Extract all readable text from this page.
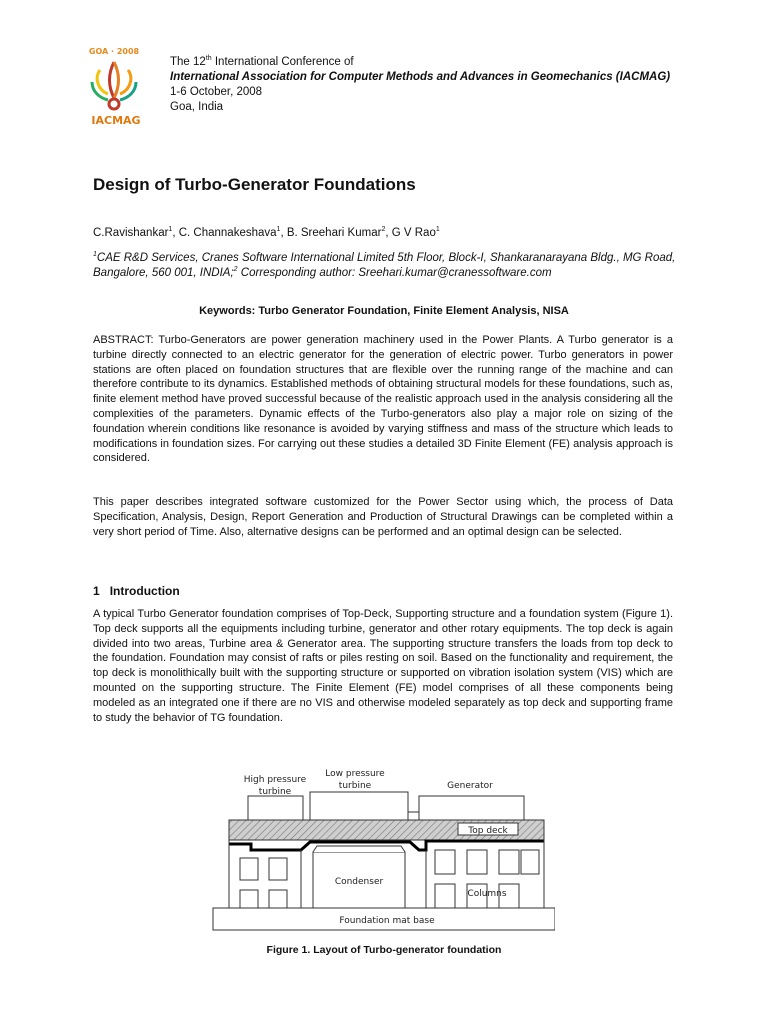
GOA · 2008
IACMAG
The 12th International Conference of
International Association for Computer Methods and Advances in Geomechanics (IACMAG)
1-6 October, 2008
Goa, India
Design of Turbo-Generator Foundations
C.Ravishankar$^1$, C. Channakeshava$^1$, B. Sreehari Kumar$^2$, G V Rao$^1$
$^1$CAE R&D Services, Cranes Software International Limited 5th Floor, Block-I, Shankaranarayana Bldg., MG Road, Bangalore, 560 001, INDIA;$^2$ Corresponding author: Sreehari.kumar@cranessoftware.com
Keywords: Turbo Generator Foundation, Finite Element Analysis, NISA
ABSTRACT: Turbo-Generators are power generation machinery used in the Power Plants. A Turbo generator is a turbine directly connected to an electric generator for the generation of electric power. Turbo generators in power stations are often placed on foundation structures that are flexible over the running range of the machine and can therefore contribute to its dynamics. Established methods of obtaining structural models for these foundations, such as, finite element method have proved successful because of the realistic approach used in the analysis considering all the complexities of the parameters. Dynamic effects of the Turbo-generators also play a major role on sizing of the foundation wherein conditions like resonance is avoided by varying stiffness and mass of the structure which leads to modifications in foundation sizes. For carrying out these studies a detailed 3D Finite Element (FE) analysis approach is considered.
This paper describes integrated software customized for the Power Sector using which, the process of Data Specification, Analysis, Design, Report Generation and Production of Structural Drawings can be completed within a very short period of Time. Also, alternative designs can be performed and an optimal design can be selected.
1 Introduction
A typical Turbo Generator foundation comprises of Top-Deck, Supporting structure and a foundation system (Figure 1). Top deck supports all the equipments including turbine, generator and other rotary equipments. The top deck is again divided into two areas, Turbine area & Generator area. The supporting structure transfers the loads from top deck to the foundation. Foundation may consist of rafts or piles resting on soil. Based on the functionality and requirement, the top deck is monolithically built with the supporting structure or supported on vibration isolation system (VIS) which are mounted on the supporting structure. The Finite Element (FE) model comprises of all these components being modeled as an integrated one if there are no VIS and otherwise modeled separately as top deck and supporting frame to study the behavior of TG foundation.
High pressure
turbine
Low pressure
turbine	Generator
Top deck
Condenser
Columns
Foundation mat base
Figure 1. Layout of Turbo-generator foundation
